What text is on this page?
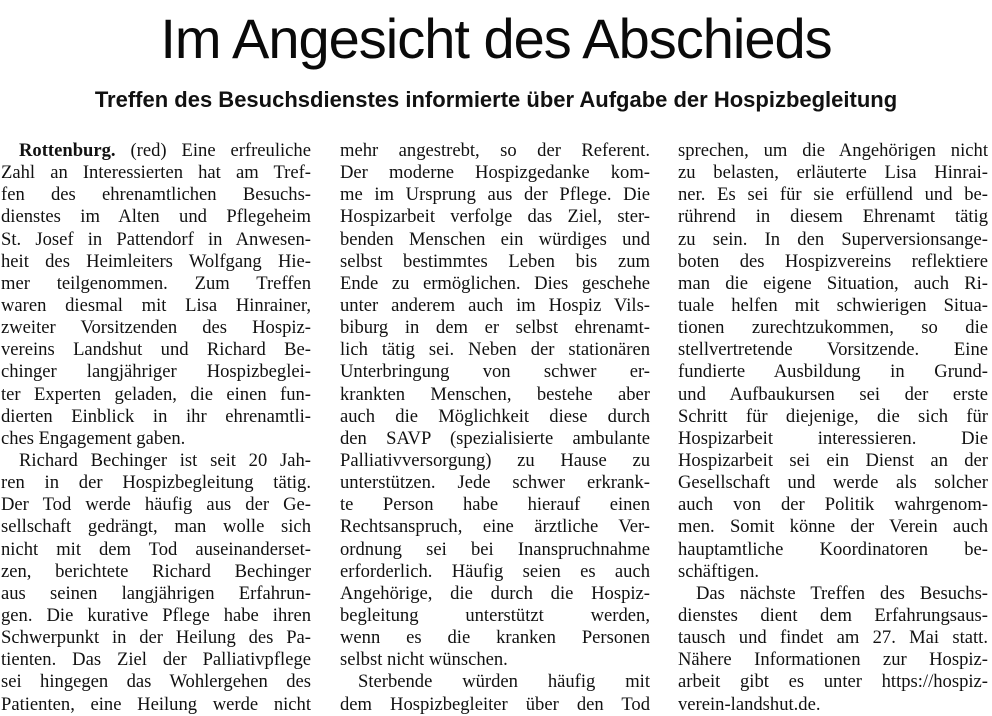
Im Angesicht des Abschieds
Treffen des Besuchsdienstes informierte über Aufgabe der Hospizbegleitung
Rottenburg. (red) Eine erfreuliche
Zahl an Interessierten hat am Tref-
fen des ehrenamtlichen Besuchs-
dienstes im Alten und Pflegeheim
St. Josef in Pattendorf in Anwesen-
heit des Heimleiters Wolfgang Hie-
mer teilgenommen. Zum Treffen
waren diesmal mit Lisa Hinrainer,
zweiter Vorsitzenden des Hospiz-
vereins Landshut und Richard Be-
chinger langjähriger Hospizbeglei-
ter Experten geladen, die einen fun-
dierten Einblick in ihr ehrenamtli-
ches Engagement gaben.
Richard Bechinger ist seit 20 Jah-
ren in der Hospizbegleitung tätig.
Der Tod werde häufig aus der Ge-
sellschaft gedrängt, man wolle sich
nicht mit dem Tod auseinanderset-
zen, berichtete Richard Bechinger
aus seinen langjährigen Erfahrun-
gen. Die kurative Pflege habe ihren
Schwerpunkt in der Heilung des Pa-
tienten. Das Ziel der Palliativpflege
sei hingegen das Wohlergehen des
Patienten, eine Heilung werde nicht
mehr angestrebt, so der Referent.
Der moderne Hospizgedanke kom-
me im Ursprung aus der Pflege. Die
Hospizarbeit verfolge das Ziel, ster-
benden Menschen ein würdiges und
selbst bestimmtes Leben bis zum
Ende zu ermöglichen. Dies geschehe
unter anderem auch im Hospiz Vils-
biburg in dem er selbst ehrenamt-
lich tätig sei. Neben der stationären
Unterbringung von schwer er-
krankten Menschen, bestehe aber
auch die Möglichkeit diese durch
den SAVP (spezialisierte ambulante
Palliativversorgung) zu Hause zu
unterstützen. Jede schwer erkrank-
te Person habe hierauf einen
Rechtsanspruch, eine ärztliche Ver-
ordnung sei bei Inanspruchnahme
erforderlich. Häufig seien es auch
Angehörige, die durch die Hospiz-
begleitung unterstützt werden,
wenn es die kranken Personen
selbst nicht wünschen.
Sterbende würden häufig mit
dem Hospizbegleiter über den Tod
sprechen, um die Angehörigen nicht
zu belasten, erläuterte Lisa Hinrai-
ner. Es sei für sie erfüllend und be-
rührend in diesem Ehrenamt tätig
zu sein. In den Superversionsange-
boten des Hospizvereins reflektiere
man die eigene Situation, auch Ri-
tuale helfen mit schwierigen Situa-
tionen zurechtzukommen, so die
stellvertretende Vorsitzende. Eine
fundierte Ausbildung in Grund-
und Aufbaukursen sei der erste
Schritt für diejenige, die sich für
Hospizarbeit interessieren. Die
Hospizarbeit sei ein Dienst an der
Gesellschaft und werde als solcher
auch von der Politik wahrgenom-
men. Somit könne der Verein auch
hauptamtliche Koordinatoren be-
schäftigen.
Das nächste Treffen des Besuchs-
dienstes dient dem Erfahrungsaus-
tausch und findet am 27. Mai statt.
Nähere Informationen zur Hospiz-
arbeit gibt es unter https://hospiz-
verein-landshut.de.
